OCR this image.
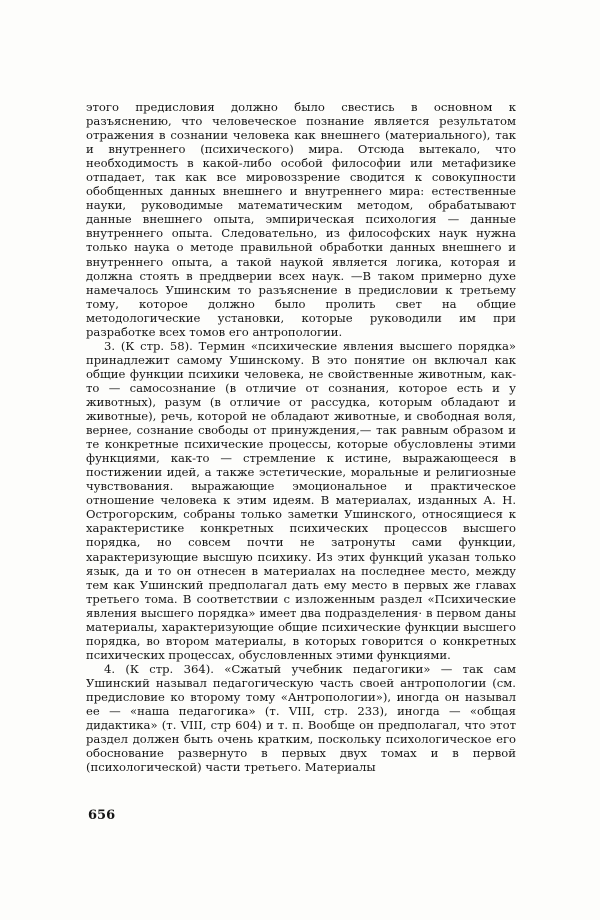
этого предисловия должно было свестись в основном к разъяснению, что человеческое познание является результатом отражения в сознании человека как внешнего (материального), так и внутреннего (психического) мира. Отсюда вытекало, что необходимость в какой-либо особой философии или метафизике отпадает, так как все мировоззрение сводится к совокупности обобщенных данных внешнего и внутреннего мира: естественные науки, руководимые математическим методом, обрабатывают данные внешнего опыта, эмпирическая психология — данные внутреннего опыта. Следовательно, из философских наук нужна только наука о методе правильной обработки данных внешнего и внутреннего опыта, а такой наукой является логика, которая и должна стоять в преддверии всех наук. —В таком примерно духе намечалось Ушинским то разъяснение в предисловии к третьему тому, которое должно было пролить свет на общие методологические установки, которые руководили им при разработке всех томов его антропологии.

3. (К стр. 58). Термин «психические явления высшего порядка» принадлежит самому Ушинскому. В это понятие он включал как общие функции психики человека, не свойственные животным, как-то — самосознание (в отличие от сознания, которое есть и у животных), разум (в отличие от рассудка, которым обладают и животные), речь, которой не обладают животные, и свободная воля, вернее, сознание свободы от принуждения,— так равным образом и те конкретные психические процессы, которые обусловлены этими функциями, как-то — стремление к истине, выражающееся в постижении идей, а также эстетические, моральные и религиозные чувствования. выражающие эмоциональное и практическое отношение человека к этим идеям. В материалах, изданных А. Н. Острогорским, собраны только заметки Ушинского, относящиеся к характеристике конкретных психических процессов высшего порядка, но совсем почти не затронуты сами функции, характеризующие высшую психику. Из этих функций указан только язык, да и то он отнесен в материалах на последнее место, между тем как Ушинский предполагал дать ему место в первых же главах третьего тома. В соответствии с изложенным раздел «Психические явления высшего порядка» имеет два подразделения· в первом даны материалы, характеризующие общие психические функции высшего порядка, во втором материалы, в которых говорится о конкретных психических процессах, обусловленных этими функциями.

4. (К стр. 364). «Сжатый учебник педагогики» — так сам Ушинский называл педагогическую часть своей антропологии (см. предисловие ко второму тому «Антропологии»), иногда он называл ее — «наша педагогика» (т. VIII, стр. 233), иногда — «общая дидактика» (т. VIII, стр 604) и т. п. Вообще он предполагал, что этот раздел должен быть очень кратким, поскольку психологическое его обоснование развернуто в первых двух томах и в первой (психологической) части третьего. Материалы

656
